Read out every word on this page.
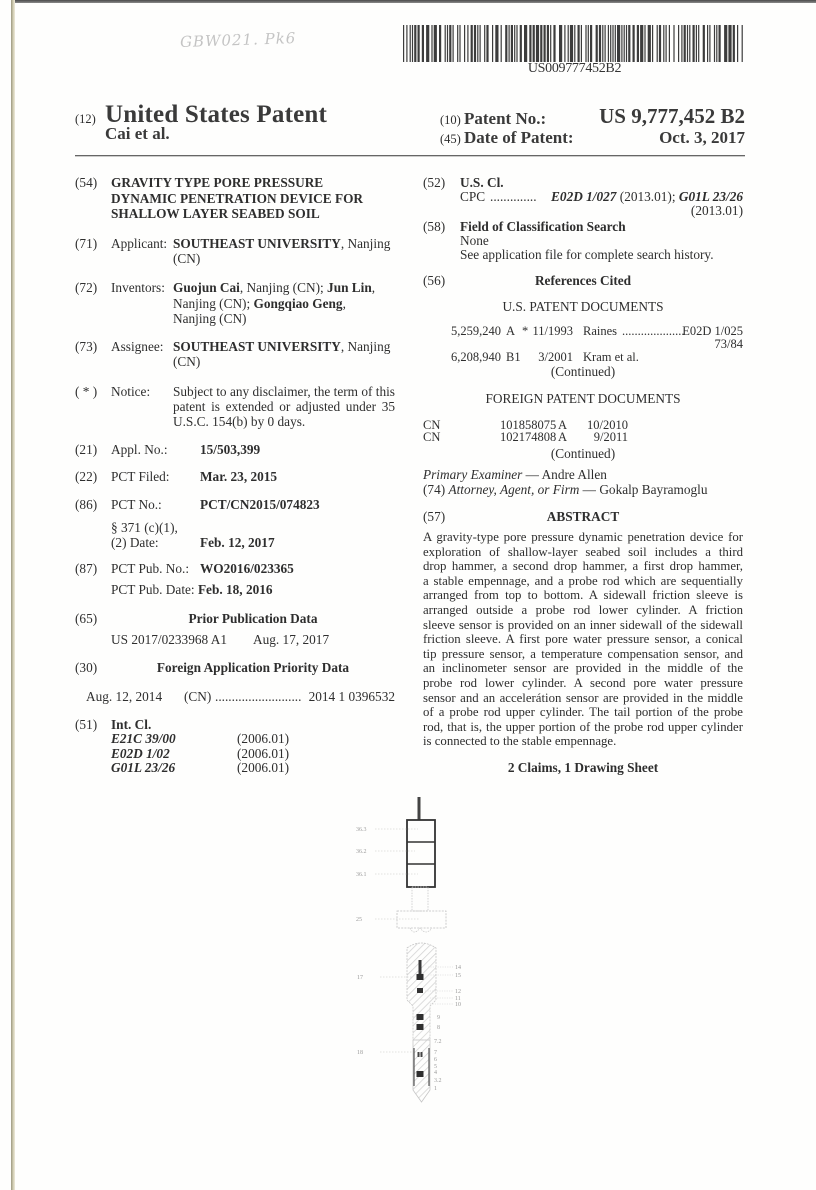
GBW021. Pk6
US009777452B2
(12) United States Patent
Cai et al.
(10) Patent No.:	US 9,777,452 B2
(45) Date of Patent:	Oct. 3, 2017
(54) GRAVITY TYPE PORE PRESSURE
DYNAMIC PENETRATION DEVICE FOR
SHALLOW LAYER SEABED SOIL
(71) Applicant: SOUTHEAST UNIVERSITY, Nanjing
(CN)
(72) Inventors: Guojun Cai, Nanjing (CN); Jun Lin,
Nanjing (CN); Gongqiao Geng,
Nanjing (CN)
(73) Assignee: SOUTHEAST UNIVERSITY, Nanjing
(CN)
( * ) Notice: Subject to any disclaimer, the term of this
patent is extended or adjusted under 35
U.S.C. 154(b) by 0 days.
(21) Appl. No.: 15/503,399
(22) PCT Filed: Mar. 23, 2015
(86) PCT No.:	PCT/CN2015/074823
§ 371 (c)(1),
(2) Date:	Feb. 12, 2017
(87) PCT Pub. No.: WO2016/023365
PCT Pub. Date: Feb. 18, 2016
(65)	Prior Publication Data
US 2017/0233968 A1 Aug. 17, 2017
(30)	Foreign Application Priority Data
Aug. 12, 2014 (CN) .......................... 2014 1 0396532
(51) Int. Cl.
E21C 39/00	(2006.01)
E02D 1/02	(2006.01)
G01L 23/26	(2006.01)
(52) U.S. Cl.
CPC ..............	E02D 1/027 (2013.01); G01L 23/26
(2013.01)
(58) Field of Classification Search
None
See application file for complete search history.
(56)	References Cited
U.S. PATENT DOCUMENTS
5,259,240 A * 11/1993 Raines ....................
E02D 1/025
73/84
6,208,940 B1 3/2001 Kram et al.
(Continued)
FOREIGN PATENT DOCUMENTS
CN	101858075 A 10/2010
CN	102174808 A 9/2011
(Continued)
Primary Examiner — Andre Allen
(74) Attorney, Agent, or Firm — Gokalp Bayramoglu
(57)	ABSTRACT
A gravity-type pore pressure dynamic penetration device for
exploration of shallow-layer seabed soil includes a third
drop hammer, a second drop hammer, a first drop hammer,
a stable empennage, and a probe rod which are sequentially
arranged from top to bottom. A sidewall friction sleeve is
arranged outside a probe rod lower cylinder. A friction
sleeve sensor is provided on an inner sidewall of the sidewall
friction sleeve. A first pore water pressure sensor, a conical
tip pressure sensor, a temperature compensation sensor, and
an inclinometer sensor are provided in the middle of the
probe rod lower cylinder. A second pore water pressure
sensor and an accelerátion sensor are provided in the middle
of a probe rod upper cylinder. The tail portion of the probe
rod, that is, the upper portion of the probe rod upper cylinder
is connected to the stable empennage.
2 Claims, 1 Drawing Sheet
36.3
36.2
36.1
25
17
18
14
15
12
11
10
9
8
7.2
7
6
5
4
3.2
1
